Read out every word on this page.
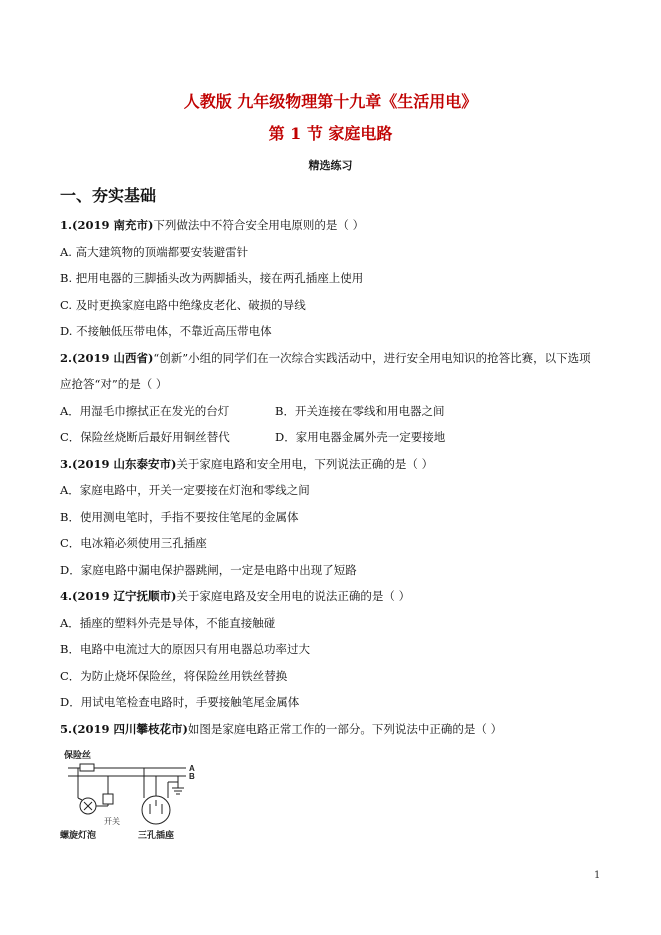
人教版 九年级物理第十九章《生活用电》
第 1 节 家庭电路
精选练习
一、夯实基础
1.(2019 南充市)下列做法中不符合安全用电原则的是（ ）
A. 高大建筑物的顶端都要安装避雷针
B. 把用电器的三脚插头改为两脚插头，接在两孔插座上使用
C. 及时更换家庭电路中绝缘皮老化、破损的导线
D. 不接触低压带电体，不靠近高压带电体
2.(2019 山西省)“创新”小组的同学们在一次综合实践活动中，进行安全用电知识的抢答比赛，以下选项
应抢答“对”的是（ ）
A．用湿毛巾擦拭正在发光的台灯	B．开关连接在零线和用电器之间
C．保险丝烧断后最好用铜丝替代	D．家用电器金属外壳一定要接地
3.(2019 山东泰安市)关于家庭电路和安全用电，下列说法正确的是（ ）
A．家庭电路中，开关一定要接在灯泡和零线之间
B．使用测电笔时，手指不要按住笔尾的金属体
C．电冰箱必须使用三孔插座
D．家庭电路中漏电保护器跳闸，一定是电路中出现了短路
4.(2019 辽宁抚顺市)关于家庭电路及安全用电的说法正确的是（ ）
A．插座的塑料外壳是导体，不能直接触碰
B．电路中电流过大的原因只有用电器总功率过大
C．为防止烧坏保险丝，将保险丝用铁丝替换
D．用试电笔检查电路时，手要接触笔尾金属体
5.(2019 四川攀枝花市)如图是家庭电路正常工作的一部分。下列说法中正确的是（ ）
保险丝
A
B
螺旋灯泡
开关
三孔插座
1
